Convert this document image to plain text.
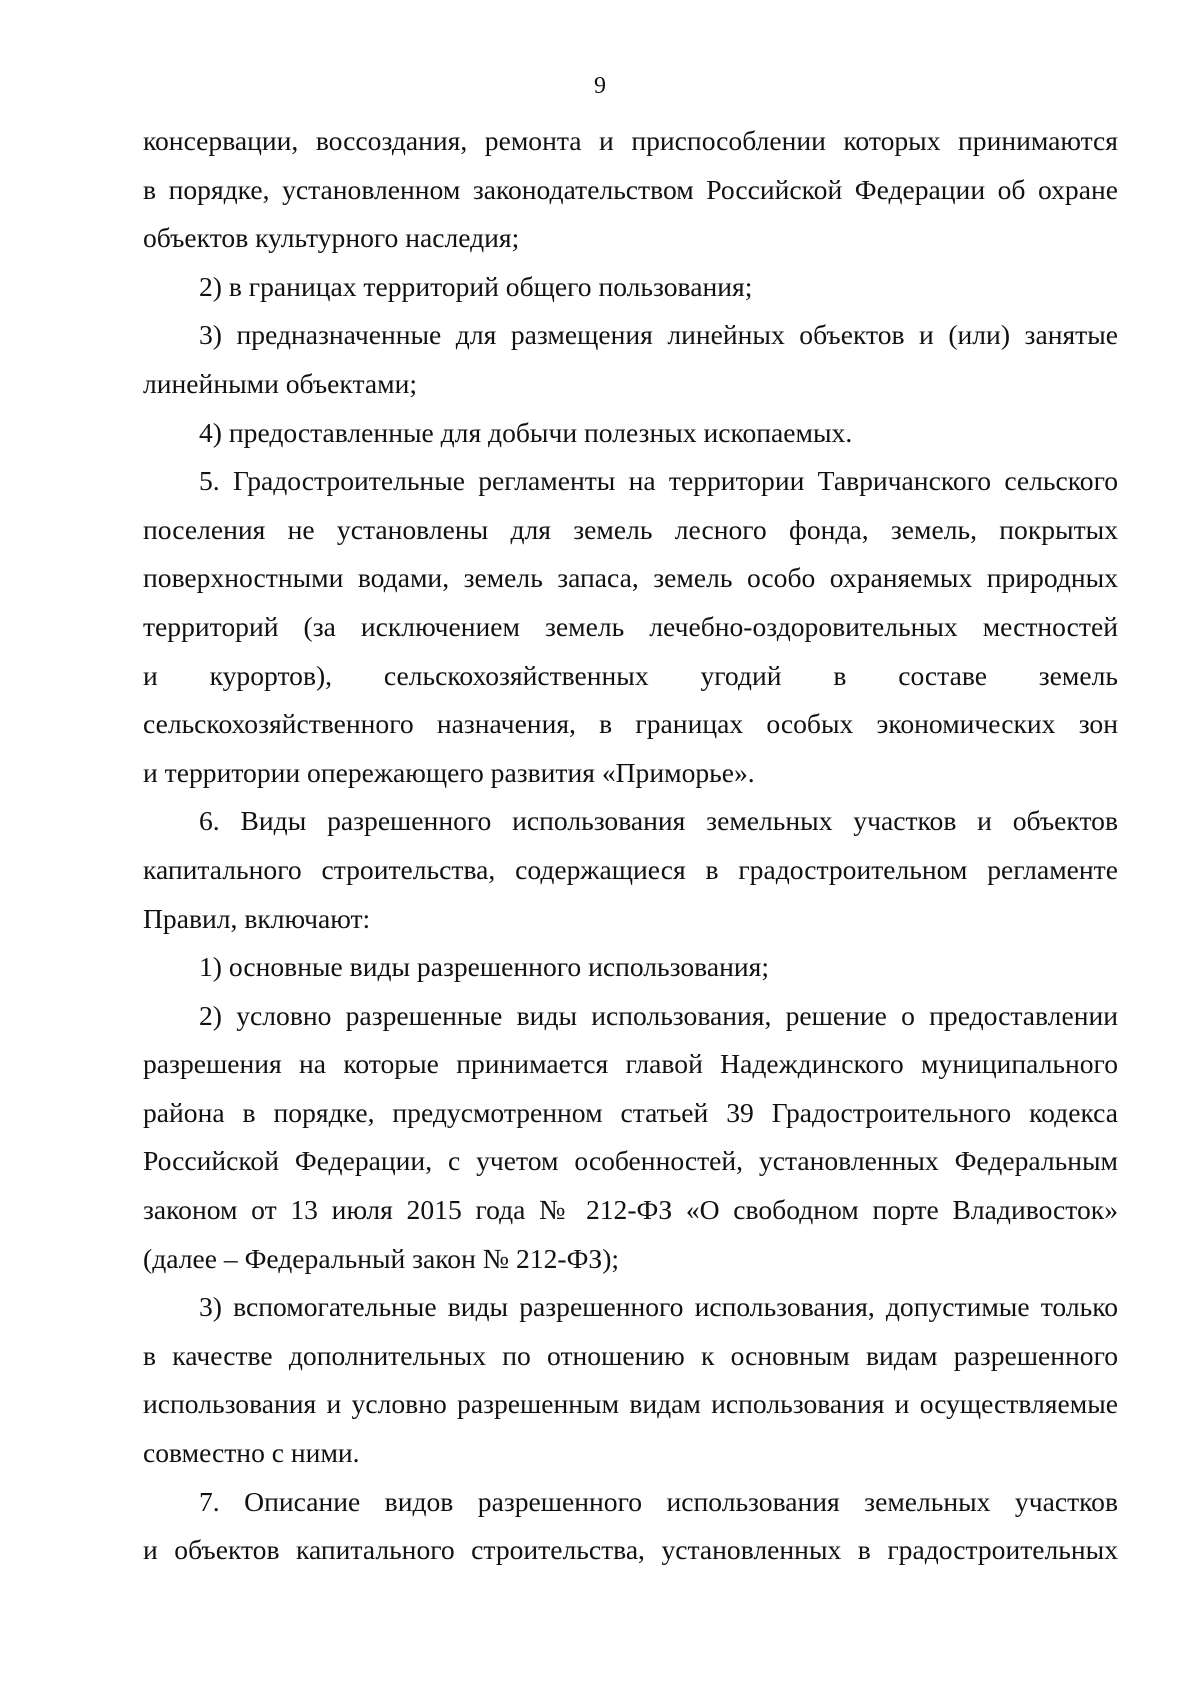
9
консервации, воссоздания, ремонта и приспособлении которых принимаются
в порядке, установленном законодательством Российской Федерации об охране
объектов культурного наследия;
2) в границах территорий общего пользования;
3) предназначенные для размещения линейных объектов и (или) занятые
линейными объектами;
4) предоставленные для добычи полезных ископаемых.
5. Градостроительные регламенты на территории Тавричанского сельского
поселения не установлены для земель лесного фонда, земель, покрытых
поверхностными водами, земель запаса, земель особо охраняемых природных
территорий (за исключением земель лечебно-оздоровительных местностей
и курортов), сельскохозяйственных угодий в составе земель
сельскохозяйственного назначения, в границах особых экономических зон
и территории опережающего развития «Приморье».
6. Виды разрешенного использования земельных участков и объектов
капитального строительства, содержащиеся в градостроительном регламенте
Правил, включают:
1) основные виды разрешенного использования;
2) условно разрешенные виды использования, решение о предоставлении
разрешения на которые принимается главой Надеждинского муниципального
района в порядке, предусмотренном статьей 39 Градостроительного кодекса
Российской Федерации, с учетом особенностей, установленных Федеральным
законом от 13 июля 2015 года № 212-ФЗ «О свободном порте Владивосток»
(далее – Федеральный закон № 212-ФЗ);
3) вспомогательные виды разрешенного использования, допустимые только
в качестве дополнительных по отношению к основным видам разрешенного
использования и условно разрешенным видам использования и осуществляемые
совместно с ними.
7. Описание видов разрешенного использования земельных участков
и объектов капитального строительства, установленных в градостроительных
